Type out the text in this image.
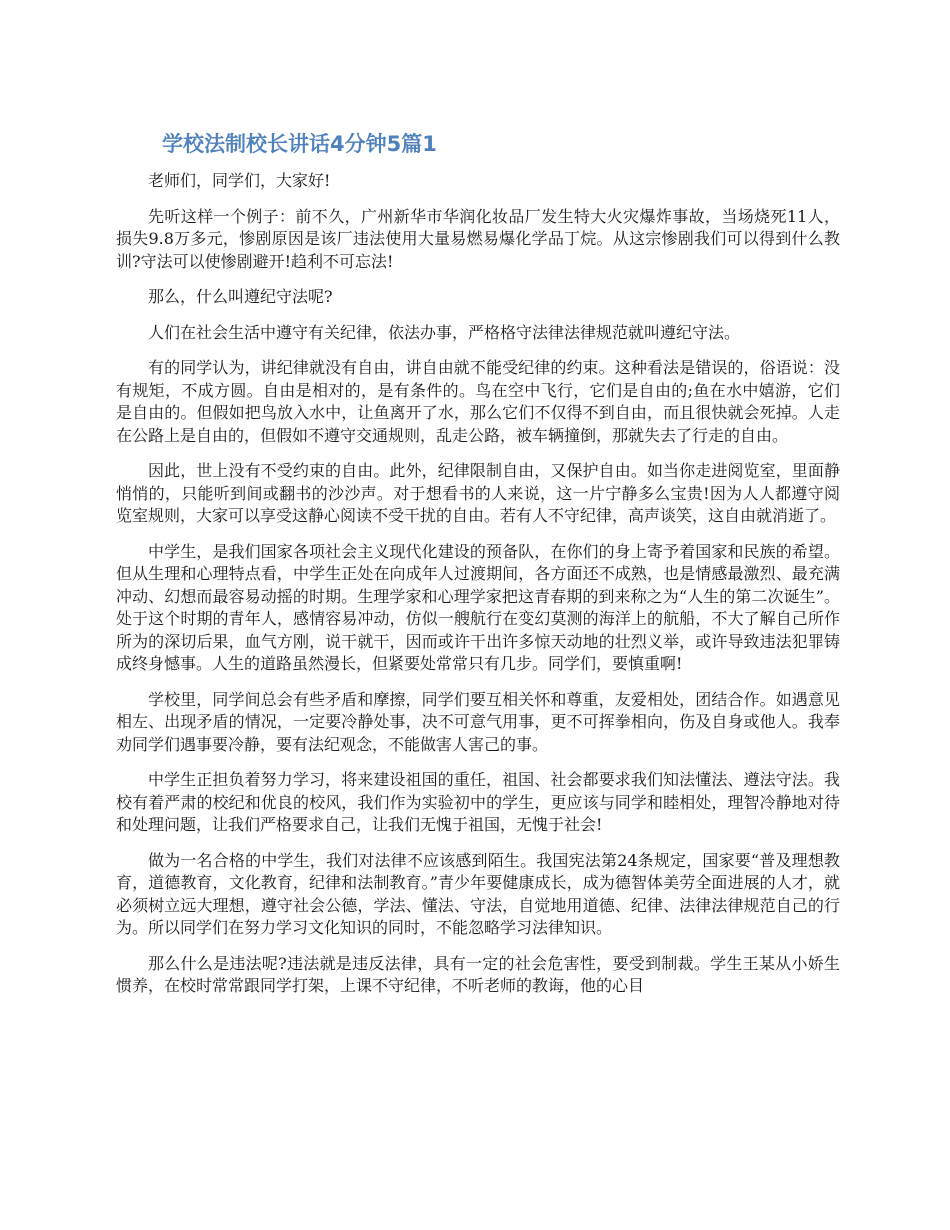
学校法制校长讲话4分钟5篇1

老师们，同学们，大家好!

先听这样一个例子：前不久，广州新华市华润化妆品厂发生特大火灾爆炸事故，当场烧死11人，损失9.8万多元，惨剧原因是该厂违法使用大量易燃易爆化学品丁烷。从这宗惨剧我们可以得到什么教训?守法可以使惨剧避开!趋利不可忘法!

那么，什么叫遵纪守法呢?

人们在社会生活中遵守有关纪律，依法办事，严格格守法律法律规范就叫遵纪守法。

有的同学认为，讲纪律就没有自由，讲自由就不能受纪律的约束。这种看法是错误的，俗语说：没有规矩，不成方圆。自由是相对的，是有条件的。鸟在空中飞行，它们是自由的;鱼在水中嬉游，它们是自由的。但假如把鸟放入水中，让鱼离开了水，那么它们不仅得不到自由，而且很快就会死掉。人走在公路上是自由的，但假如不遵守交通规则，乱走公路，被车辆撞倒，那就失去了行走的自由。

因此，世上没有不受约束的自由。此外，纪律限制自由，又保护自由。如当你走进阅览室，里面静悄悄的，只能听到间或翻书的沙沙声。对于想看书的人来说，这一片宁静多么宝贵!因为人人都遵守阅览室规则，大家可以享受这静心阅读不受干扰的自由。若有人不守纪律，高声谈笑，这自由就消逝了。

中学生，是我们国家各项社会主义现代化建设的预备队，在你们的身上寄予着国家和民族的希望。但从生理和心理特点看，中学生正处在向成年人过渡期间，各方面还不成熟，也是情感最激烈、最充满冲动、幻想而最容易动摇的时期。生理学家和心理学家把这青春期的到来称之为“人生的第二次诞生”。处于这个时期的青年人，感情容易冲动，仿似一艘航行在变幻莫测的海洋上的航船，不大了解自己所作所为的深切后果，血气方刚，说干就干，因而或许干出许多惊天动地的壮烈义举，或许导致违法犯罪铸成终身憾事。人生的道路虽然漫长，但紧要处常常只有几步。同学们，要慎重啊!

学校里，同学间总会有些矛盾和摩擦，同学们要互相关怀和尊重，友爱相处，团结合作。如遇意见相左、出现矛盾的情况，一定要冷静处事，决不可意气用事，更不可挥拳相向，伤及自身或他人。我奉劝同学们遇事要冷静，要有法纪观念，不能做害人害己的事。

中学生正担负着努力学习，将来建设祖国的重任，祖国、社会都要求我们知法懂法、遵法守法。我校有着严肃的校纪和优良的校风，我们作为实验初中的学生，更应该与同学和睦相处，理智冷静地对待和处理问题，让我们严格要求自己，让我们无愧于祖国，无愧于社会!

做为一名合格的中学生，我们对法律不应该感到陌生。我国宪法第24条规定，国家要“普及理想教育，道德教育，文化教育，纪律和法制教育。”青少年要健康成长，成为德智体美劳全面进展的人才，就必须树立远大理想，遵守社会公德，学法、懂法、守法，自觉地用道德、纪律、法律法律规范自己的行为。所以同学们在努力学习文化知识的同时，不能忽略学习法律知识。

那么什么是违法呢?违法就是违反法律，具有一定的社会危害性，要受到制裁。学生王某从小娇生惯养，在校时常常跟同学打架，上课不守纪律，不听老师的教诲，他的心目
